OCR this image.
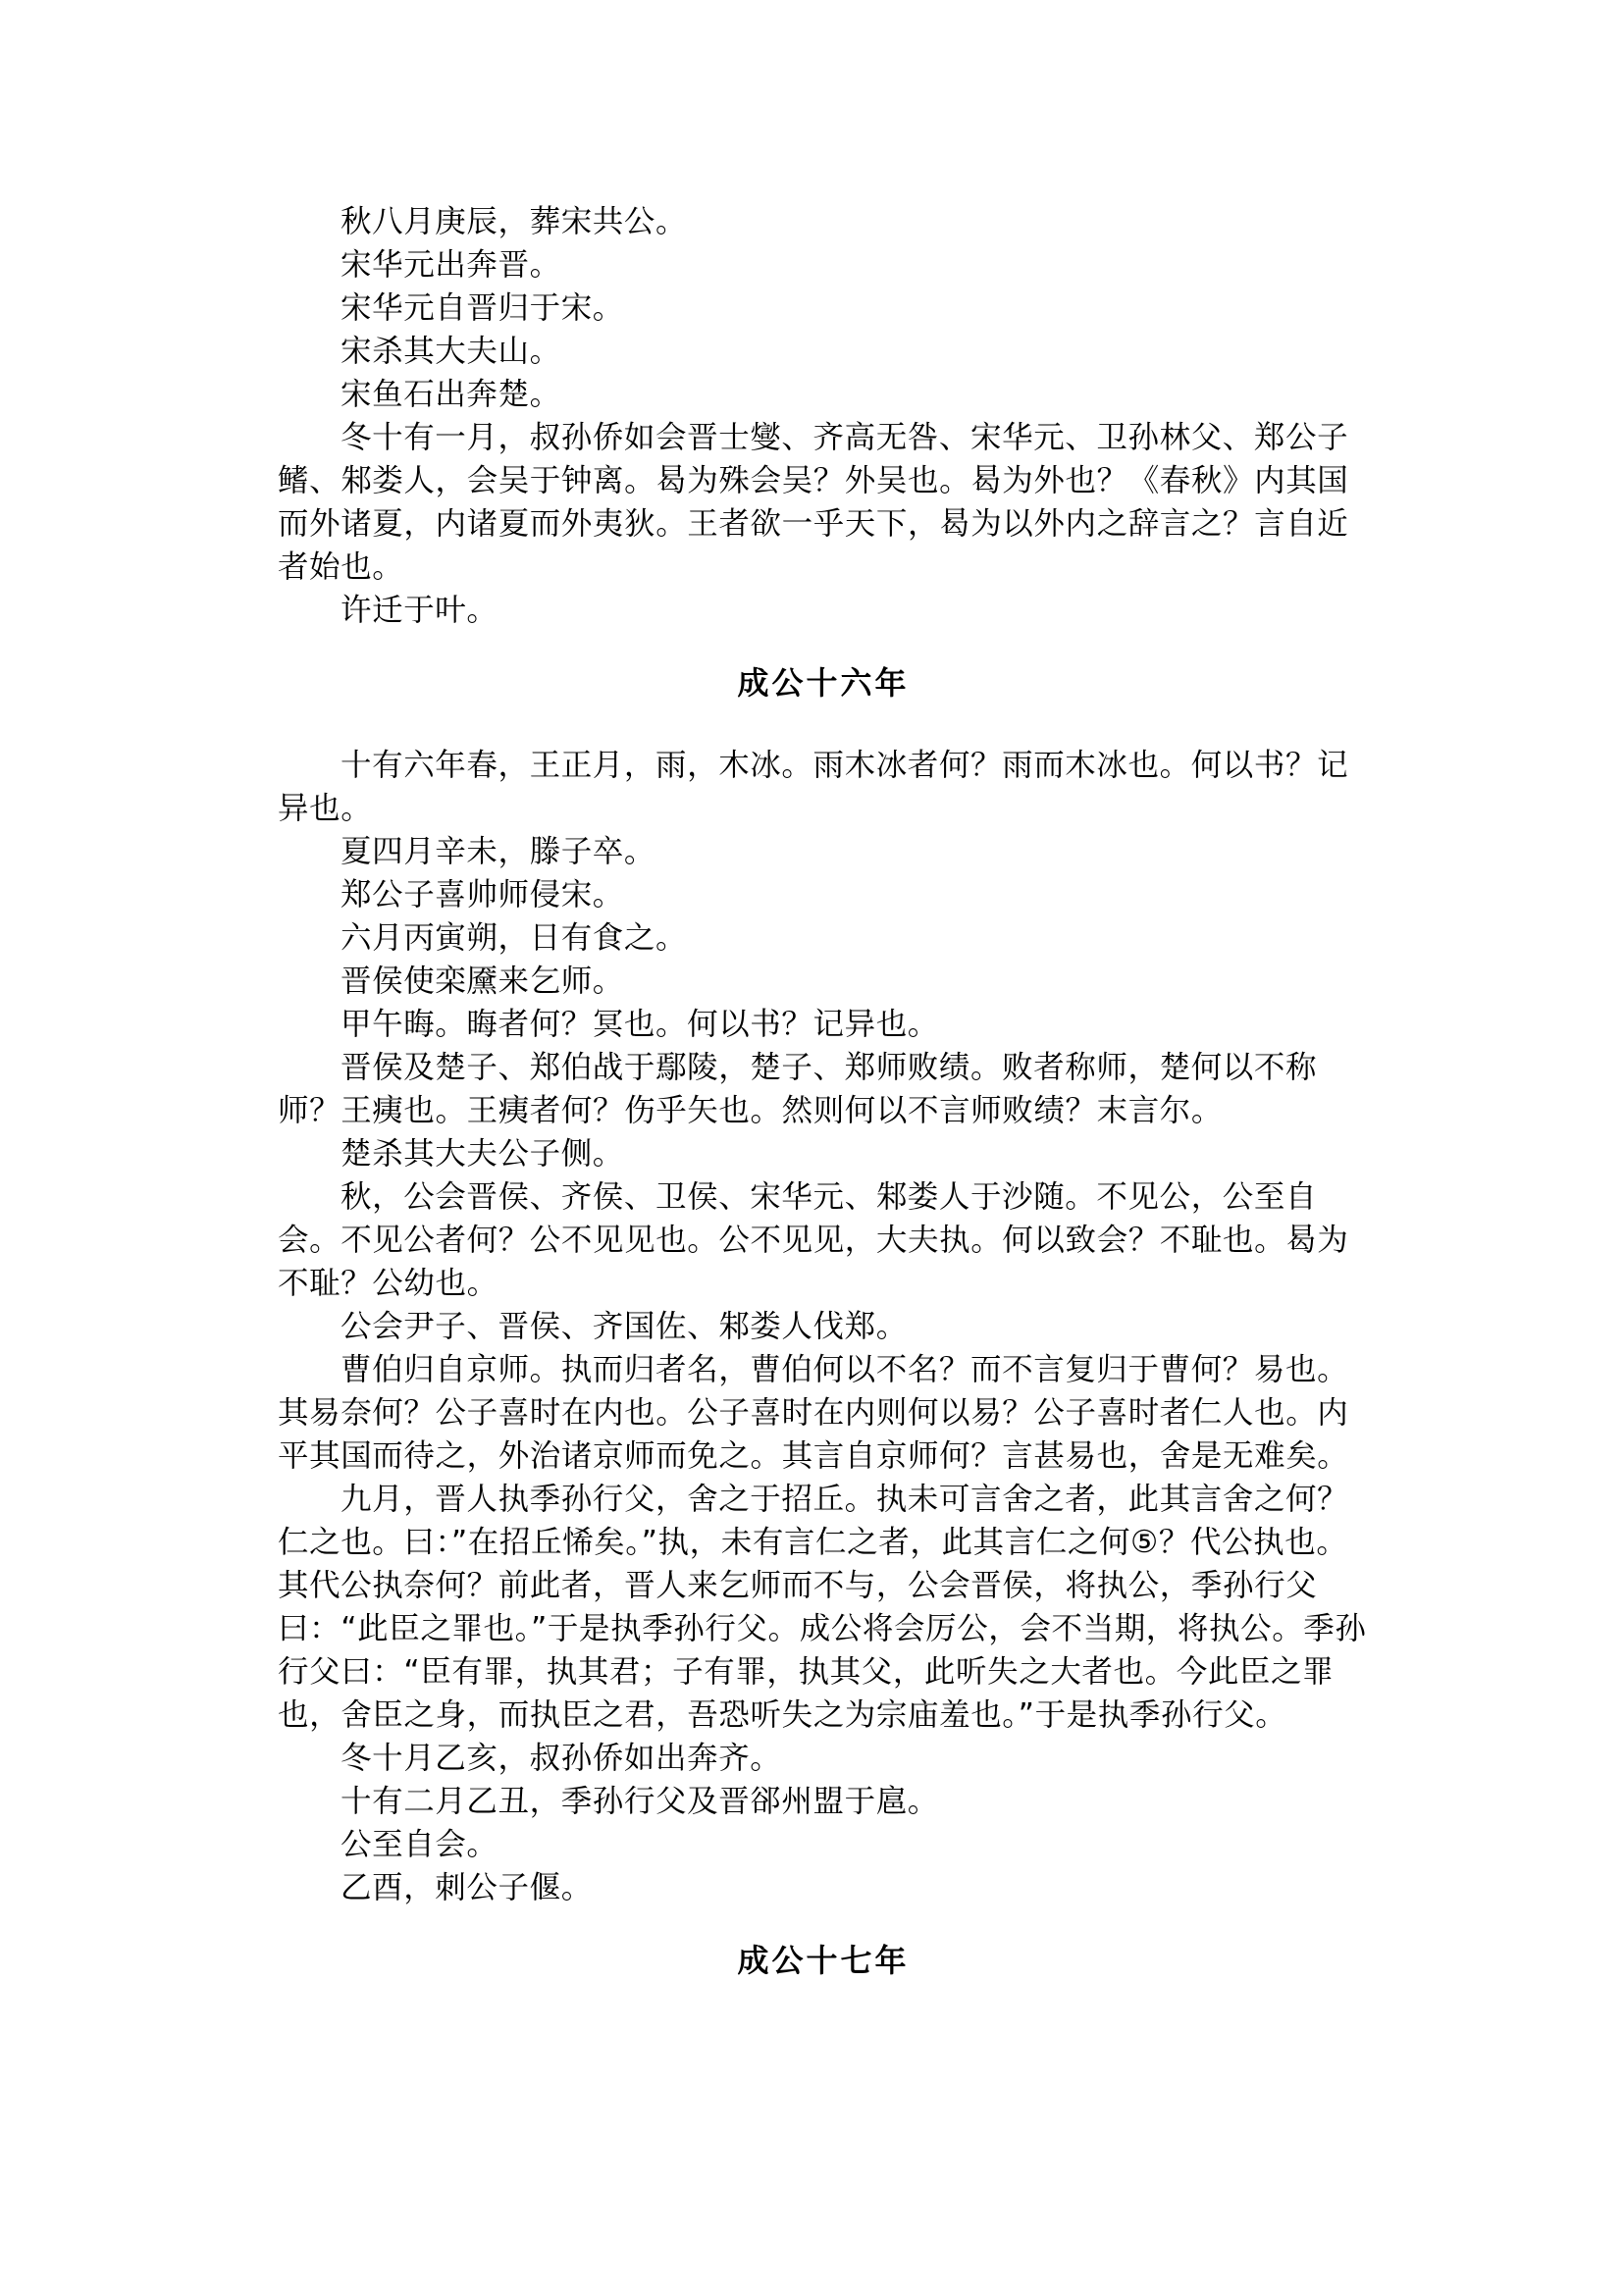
秋八月庚辰，葬宋共公。

宋华元出奔晋。

宋华元自晋归于宋。

宋杀其大夫山。

宋鱼石出奔楚。

冬十有一月，叔孙侨如会晋士燮、齐高无咎、宋华元、卫孙林父、郑公子鳍、邾娄人，会吴于钟离。曷为殊会吴？外吴也。曷为外也？《春秋》内其国而外诸夏，内诸夏而外夷狄。王者欲一乎天下，曷为以外内之辞言之？言自近者始也。

许迁于叶。

成公十六年

十有六年春，王正月，雨，木冰。雨木冰者何？雨而木冰也。何以书？记异也。

夏四月辛未，滕子卒。

郑公子喜帅师侵宋。

六月丙寅朔，日有食之。

晋侯使栾黡来乞师。

甲午晦。晦者何？冥也。何以书？记异也。

晋侯及楚子、郑伯战于鄢陵，楚子、郑师败绩。败者称师，楚何以不称师？王痍也。王痍者何？伤乎矢也。然则何以不言师败绩？末言尔。

楚杀其大夫公子侧。

秋，公会晋侯、齐侯、卫侯、宋华元、邾娄人于沙随。不见公，公至自会。不见公者何？公不见见也。公不见见，大夫执。何以致会？不耻也。曷为不耻？公幼也。

公会尹子、晋侯、齐国佐、邾娄人伐郑。

曹伯归自京师。执而归者名，曹伯何以不名？而不言复归于曹何？易也。其易奈何？公子喜时在内也。公子喜时在内则何以易？公子喜时者仁人也。内平其国而待之，外治诸京师而免之。其言自京师何？言甚易也，舍是无难矣。

九月，晋人执季孙行父，舍之于招丘。执未可言舍之者，此其言舍之何？仁之也。曰：”在招丘悕矣。”执，未有言仁之者，此其言仁之何⑤？代公执也。其代公执奈何？前此者，晋人来乞师而不与，公会晋侯，将执公，季孙行父曰：“此臣之罪也。”于是执季孙行父。成公将会厉公，会不当期，将执公。季孙行父曰：“臣有罪，执其君；子有罪，执其父，此听失之大者也。今此臣之罪也，舍臣之身，而执臣之君，吾恐听失之为宗庙羞也。”于是执季孙行父。

冬十月乙亥，叔孙侨如出奔齐。

十有二月乙丑，季孙行父及晋郤州盟于扈。

公至自会。

乙酉，刺公子偃。

成公十七年
